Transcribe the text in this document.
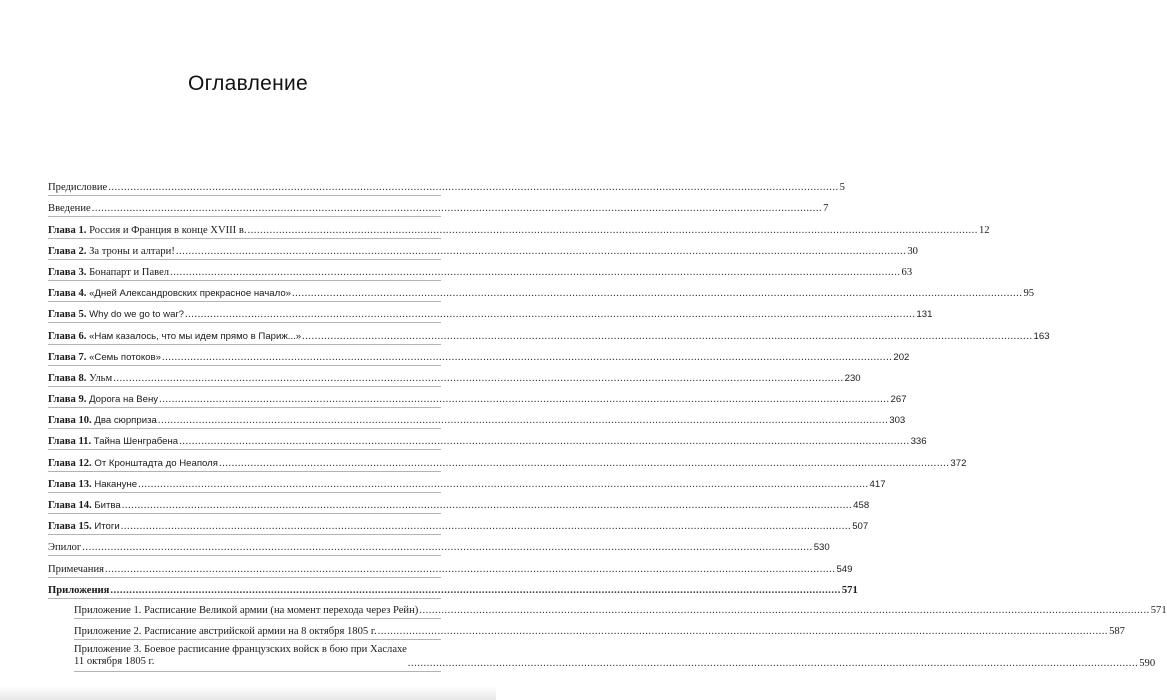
Оглавление
Предисловие .....	5
Введение .....	7
Глава 1. Россия и Франция в конце XVIII в. .....	12
Глава 2. За троны и алтари! .....	30
Глава 3. Бонапарт и Павел .....	63
Глава 4. «Дней Александровских прекрасное начало» .....	95
Глава 5. Why do we go to war? .....	131
Глава 6. «Нам казалось, что мы идем прямо в Париж...» .....	163
Глава 7. «Семь потоков» .....	202
Глава 8. Ульм .....	230
Глава 9. Дорога на Вену .....	267
Глава 10. Два сюрприза .....	303
Глава 11. Тайна Шенграбена .....	336
Глава 12. От Кронштадта до Неаполя .....	372
Глава 13. Накануне .....	417
Глава 14. Битва .....	458
Глава 15. Итоги .....	507
Эпилог .....	530
Примечания .....	549
Приложения .....	571
Приложение 1. Расписание Великой армии (на момент перехода через Рейн) .....	571
Приложение 2. Расписание австрийской армии на 8 октября 1805 г. .....	587
Приложение 3. Боевое расписание французских войск в бою при Хаслахе
11 октября 1805 г. .....	590
